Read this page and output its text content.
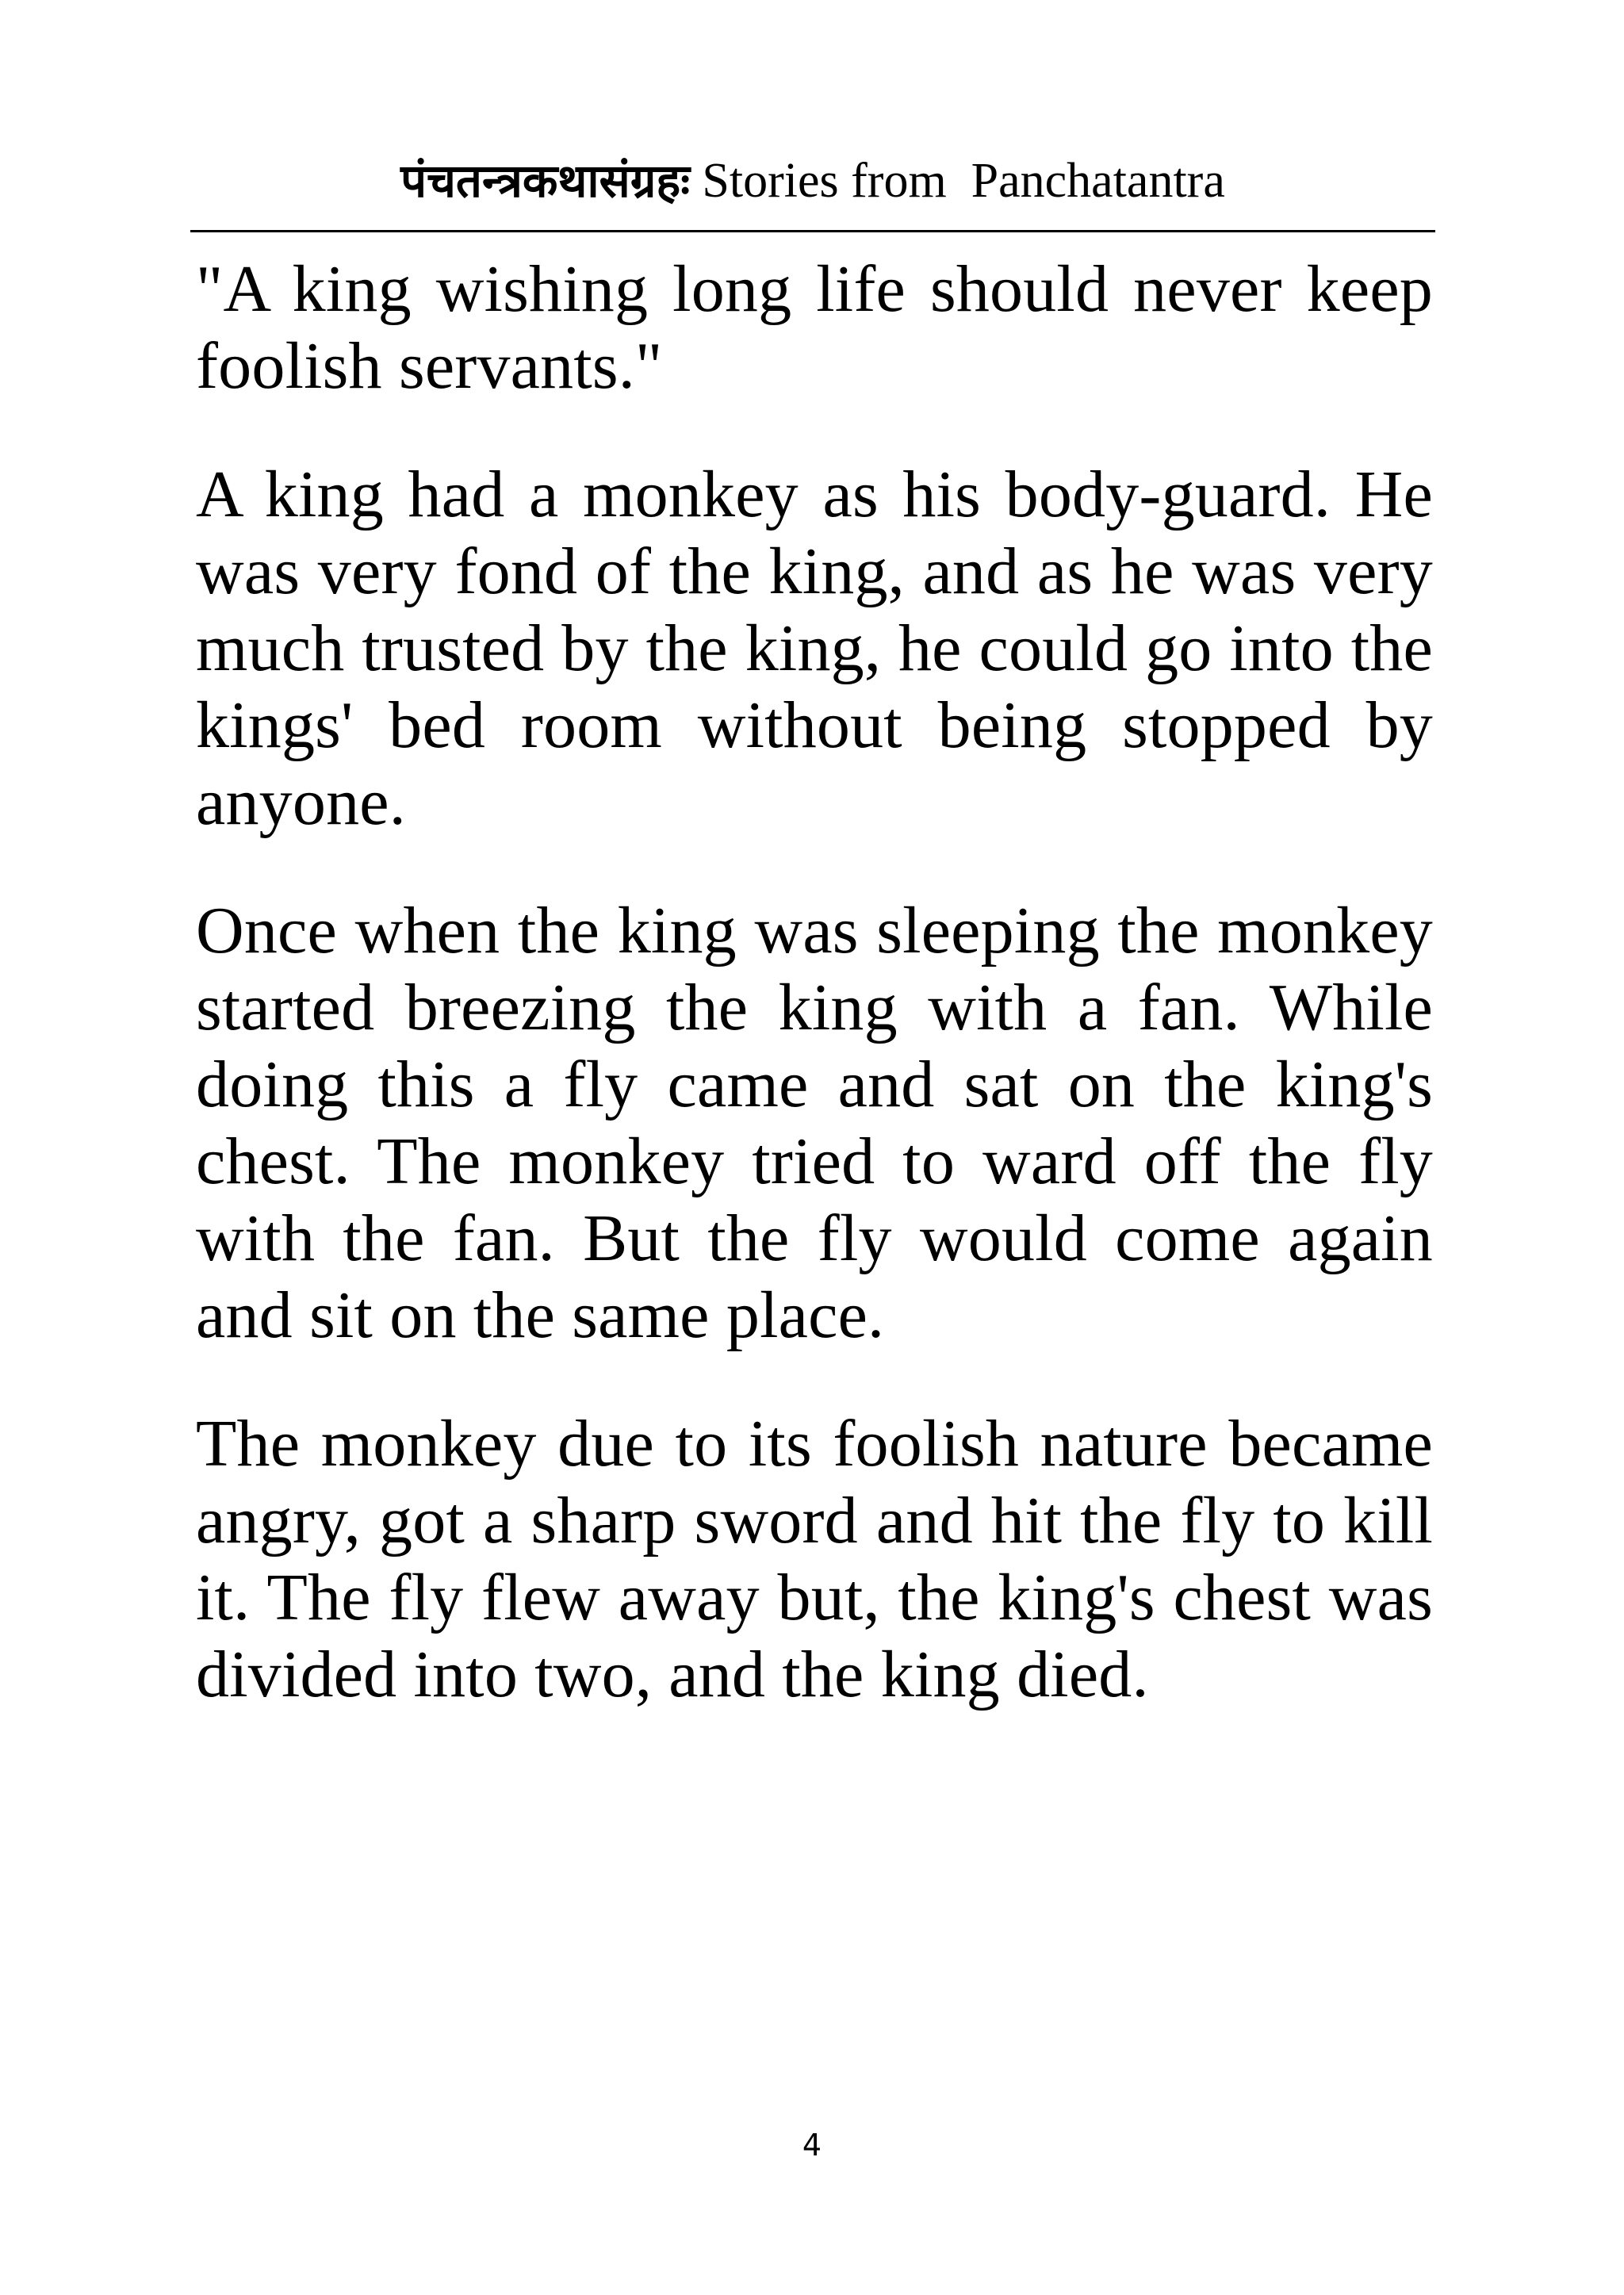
पंचतन्त्रकथासंग्रहः Stories from  Panchatantra

"A king wishing long life should never keep foolish servants."

A king had a monkey as his body-guard. He was very fond of the king, and as he was very much trusted by the king, he could go into the kings' bed room without being stopped by anyone.

Once when the king was sleeping the monkey started breezing the king with a fan. While doing this a fly came and sat on the king's chest. The monkey tried to ward off the fly with the fan. But the fly would come again and sit on the same place.

The monkey due to its foolish nature became angry, got a sharp sword and hit the fly to kill it. The fly flew away but, the king's chest was divided into two, and the king died.

4
